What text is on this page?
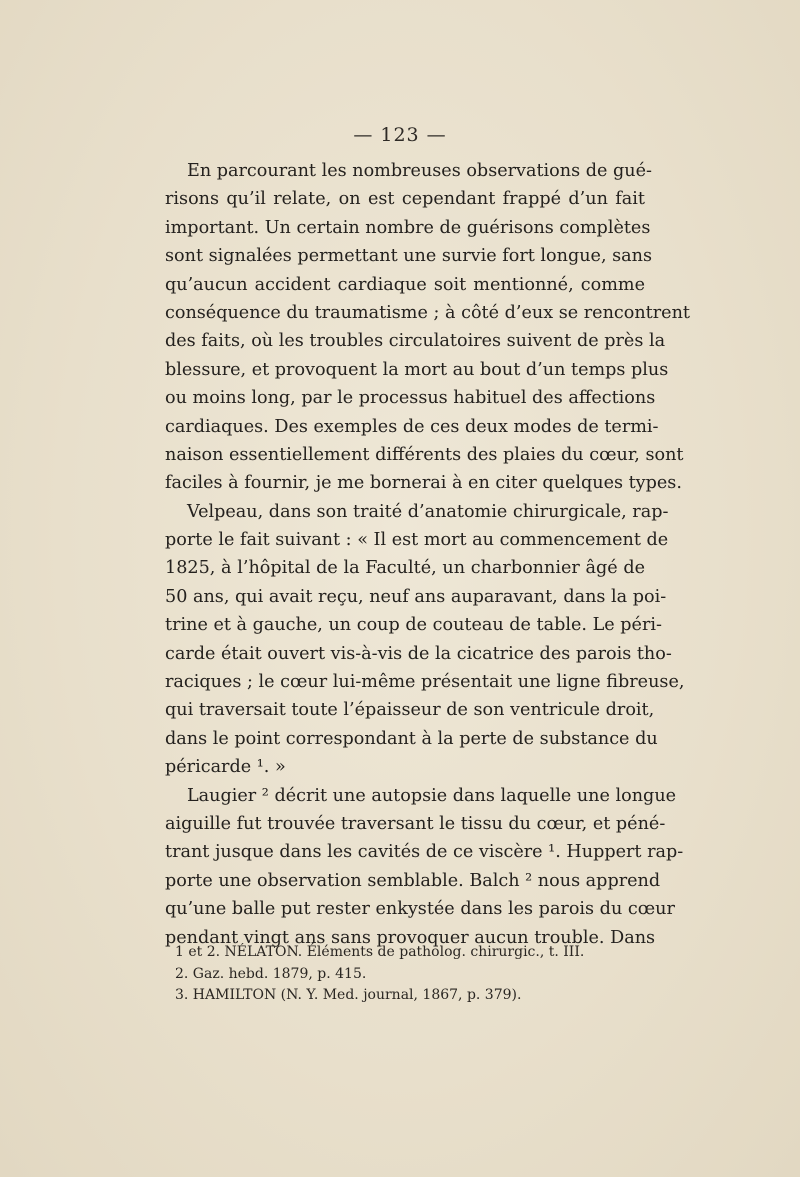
— 123 —
En parcourant les nombreuses observations de gué-
risons qu’il relate, on est cependant frappé d’un fait
important. Un certain nombre de guérisons complètes
sont signalées permettant une survie fort longue, sans
qu’aucun accident cardiaque soit mentionné, comme
conséquence du traumatisme ; à côté d’eux se rencontrent
des faits, où les troubles circulatoires suivent de près la
blessure, et provoquent la mort au bout d’un temps plus
ou moins long, par le processus habituel des affections
cardiaques. Des exemples de ces deux modes de termi-
naison essentiellement différents des plaies du cœur, sont
faciles à fournir, je me bornerai à en citer quelques types.
Velpeau, dans son traité d’anatomie chirurgicale, rap-
porte le fait suivant : « Il est mort au commencement de
1825, à l’hôpital de la Faculté, un charbonnier âgé de
50 ans, qui avait reçu, neuf ans auparavant, dans la poi-
trine et à gauche, un coup de couteau de table. Le péri-
carde était ouvert vis-à-vis de la cicatrice des parois tho-
raciques ; le cœur lui-même présentait une ligne fibreuse,
qui traversait toute l’épaisseur de son ventricule droit,
dans le point correspondant à la perte de substance du
péricarde ¹. »
Laugier ² décrit une autopsie dans laquelle une longue
aiguille fut trouvée traversant le tissu du cœur, et péné-
trant jusque dans les cavités de ce viscère ¹. Huppert rap-
porte une observation semblable. Balch ² nous apprend
qu’une balle put rester enkystée dans les parois du cœur
pendant vingt ans sans provoquer aucun trouble. Dans
1 et 2. NÉLATON. Éléments de patholog. chirurgic., t. III.
2. Gaz. hebd. 1879, p. 415.
3. HAMILTON (N. Y. Med. journal, 1867, p. 379).
